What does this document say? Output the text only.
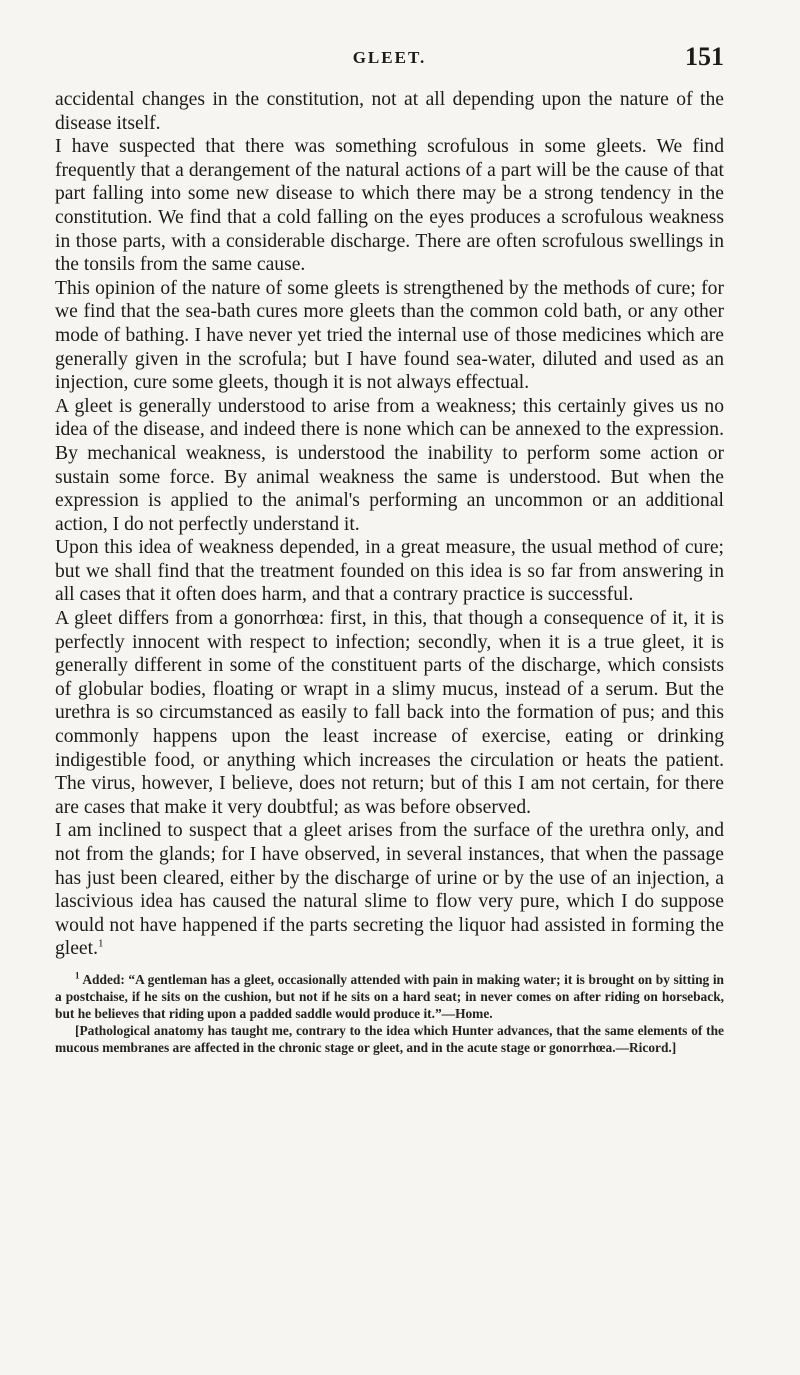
GLEET.	151

accidental changes in the constitution, not at all depending upon the nature of the disease itself.

I have suspected that there was something scrofulous in some gleets. We find frequently that a derangement of the natural actions of a part will be the cause of that part falling into some new disease to which there may be a strong tendency in the constitution. We find that a cold falling on the eyes produces a scrofulous weakness in those parts, with a considerable discharge. There are often scrofulous swellings in the tonsils from the same cause.

This opinion of the nature of some gleets is strengthened by the methods of cure; for we find that the sea-bath cures more gleets than the common cold bath, or any other mode of bathing. I have never yet tried the internal use of those medicines which are generally given in the scrofula; but I have found sea-water, diluted and used as an injection, cure some gleets, though it is not always effectual.

A gleet is generally understood to arise from a weakness; this certainly gives us no idea of the disease, and indeed there is none which can be annexed to the expression. By mechanical weakness, is understood the inability to perform some action or sustain some force. By animal weakness the same is understood. But when the expression is applied to the animal's performing an uncommon or an additional action, I do not perfectly understand it.

Upon this idea of weakness depended, in a great measure, the usual method of cure; but we shall find that the treatment founded on this idea is so far from answering in all cases that it often does harm, and that a contrary practice is successful.

A gleet differs from a gonorrhœa: first, in this, that though a consequence of it, it is perfectly innocent with respect to infection; secondly, when it is a true gleet, it is generally different in some of the constituent parts of the discharge, which consists of globular bodies, floating or wrapt in a slimy mucus, instead of a serum. But the urethra is so circumstanced as easily to fall back into the formation of pus; and this commonly happens upon the least increase of exercise, eating or drinking indigestible food, or anything which increases the circulation or heats the patient. The virus, however, I believe, does not return; but of this I am not certain, for there are cases that make it very doubtful; as was before observed.

I am inclined to suspect that a gleet arises from the surface of the urethra only, and not from the glands; for I have observed, in several instances, that when the passage has just been cleared, either by the discharge of urine or by the use of an injection, a lascivious idea has caused the natural slime to flow very pure, which I do suppose would not have happened if the parts secreting the liquor had assisted in forming the gleet.$^1$

$^1$ Added: “A gentleman has a gleet, occasionally attended with pain in making water; it is brought on by sitting in a postchaise, if he sits on the cushion, but not if he sits on a hard seat; in never comes on after riding on horseback, but he believes that riding upon a padded saddle would produce it.”—Home.

[Pathological anatomy has taught me, contrary to the idea which Hunter advances, that the same elements of the mucous membranes are affected in the chronic stage or gleet, and in the acute stage or gonorrhœa.—Ricord.]
